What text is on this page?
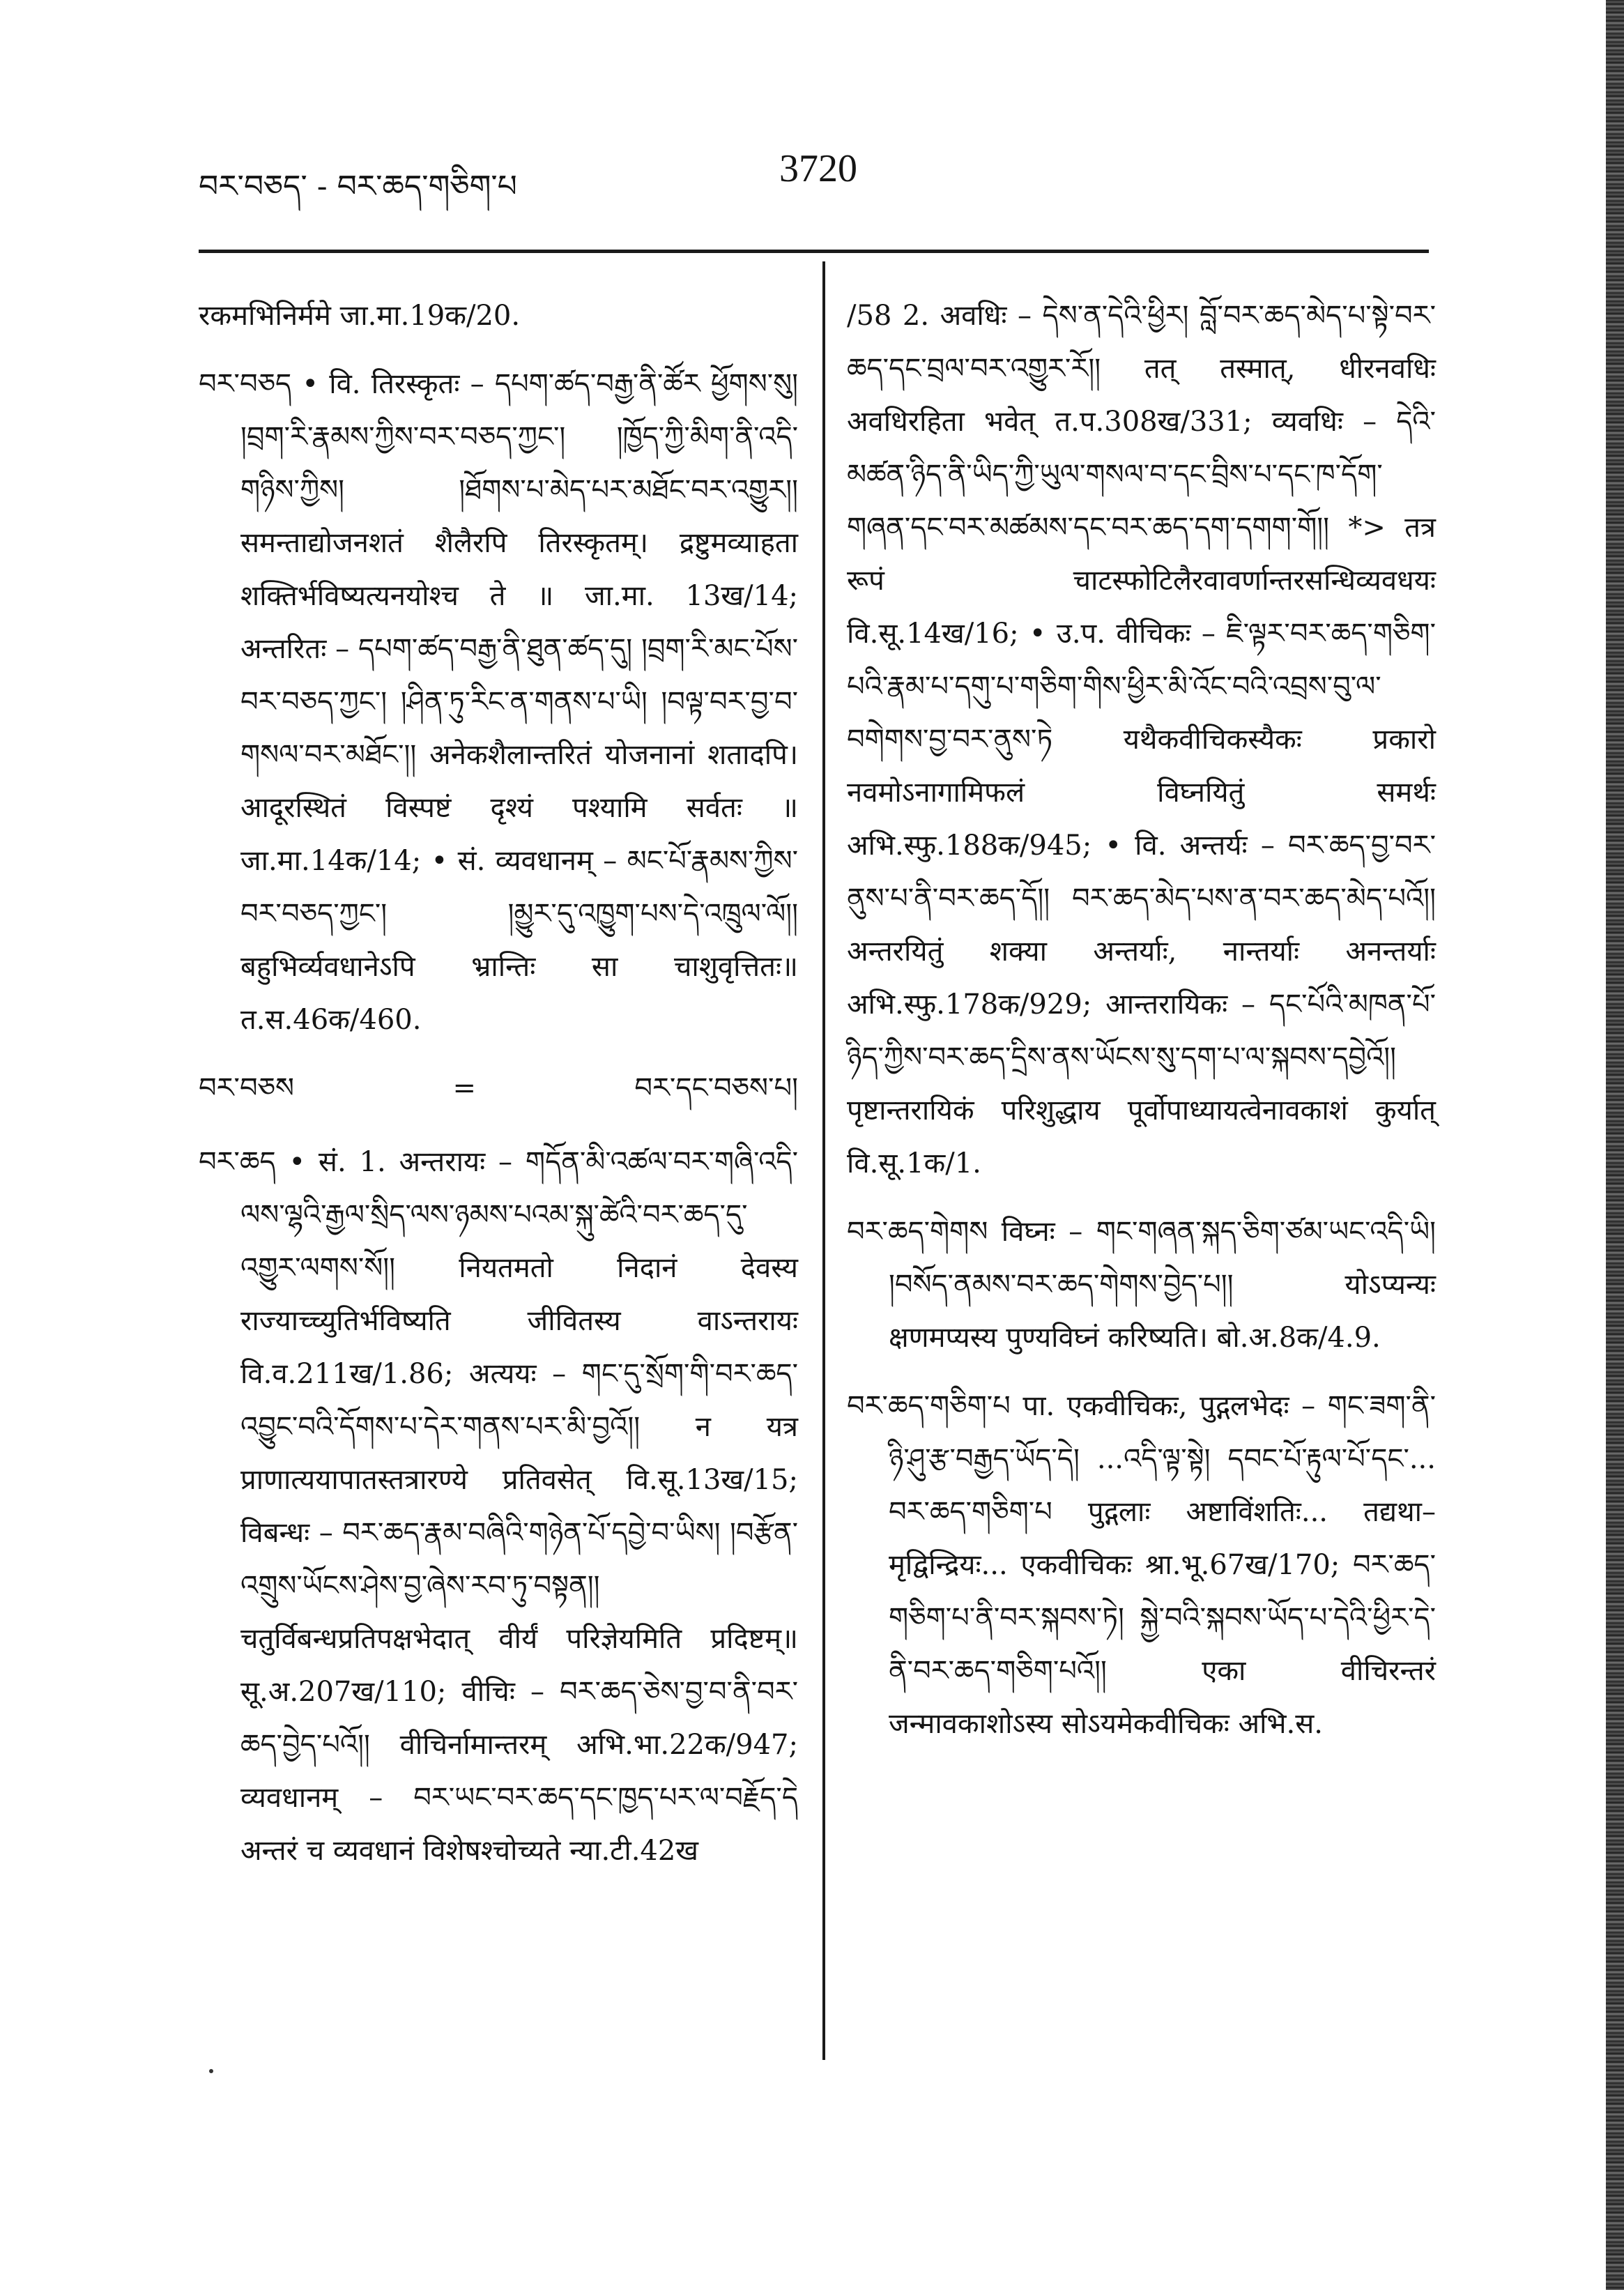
བར་བཅད་ - བར་ཆད་གཅིག་པ	3720

रकमभिनिर्ममे जा.मा.19क/20.

བར་བཅད • वि. तिरस्कृतः – དཔག་ཚད་བརྒྱ་ནི་ཚོར ཕྱོགས་སུ། །བྲག་རི་རྣམས་ཀྱིས་བར་བཅད་ཀྱང་། །ཁྱོད་ཀྱི་མིག་ནི་འདི་གཉིས་ཀྱིས། །ཐོགས་པ་མེད་པར་མཐོང་བར་འགྱུར།། समन्ताद्योजनशतं शैलैरपि तिरस्कृतम्। द्रष्टुमव्याहता शक्तिर्भविष्यत्यनयोश्च ते ॥ जा.मा. 13ख/14; अन्तरितः – དཔག་ཚད་བརྒྱ་ནི་ཐུན་ཚད་དུ། །བྲག་རི་མང་པོས་བར་བཅད་ཀྱང་། །ཤིན་ཏུ་རིང་ན་གནས་པ་ཡི། །བལྟ་བར་བྱ་བ་གསལ་བར་མཐོང་།། अनेकशैलान्तरितं योजनानां शतादपि। आदूरस्थितं विस्पष्टं दृश्यं पश्यामि सर्वतः ॥ जा.मा.14क/14; • सं. व्यवधानम् – མང་པོ་རྣམས་ཀྱིས་བར་བཅད་ཀྱང་། །མྱུར་དུ་འཁྱུག་པས་དེ་འཁྲུལ་ལོ།། बहुभिर्व्यवधानेऽपि भ्रान्तिः सा चाशुवृत्तितः॥ त.स.46क/460.

བར་བཅས	=	བར་དང་བཅས་པ།

བར་ཆད • सं. 1. अन्तरायः – གདོན་མི་འཚལ་བར་གཞི་འདི་ལས་ལྷའི་རྒྱལ་སྲིད་ལས་ཉམས་པའམ་སྐུ་ཚེའི་བར་ཆད་དུ་འགྱུར་ལགས་སོ།། नियतमतो निदानं देवस्य राज्याच्च्युतिर्भविष्यति जीवितस्य वाऽन्तरायः वि.व.211ख/1.86; अत्ययः – གང་དུ་སྲོག་གི་བར་ཆད་འབྱུང་བའི་དོགས་པ་དེར་གནས་པར་མི་བྱའོ།། न यत्र प्राणात्ययापातस्तत्रारण्ये प्रतिवसेत् वि.सू.13ख/15; विबन्धः – བར་ཆད་རྣམ་བཞིའི་གཉེན་པོ་དབྱེ་བ་ཡིས། །བརྩོན་འགྲུས་ཡོངས་ཤེས་བྱ་ཞེས་རབ་ཏུ་བསྟན།། चतुर्विबन्धप्रतिपक्षभेदात् वीर्यं परिज्ञेयमिति प्रदिष्टम्॥ सू.अ.207ख/110; वीचिः – བར་ཆད་ཅེས་བྱ་བ་ནི་བར་ཆད་བྱེད་པའོ།། वीचिर्नामान्तरम् अभि.भा.22क/947; व्यवधानम् – བར་ཡང་བར་ཆད་དང་ཁྱད་པར་ལ་བརྗོད་དེ अन्तरं च व्यवधानं विशेषश्चोच्यते न्या.टी.42ख

/58 2. अवधिः – དེས་ན་དེའི་ཕྱིར། བློ་བར་ཆད་མེད་པ་སྟེ་བར་ཆད་དང་བྲལ་བར་འགྱུར་རོ།། तत् तस्मात्, धीरनवधिः अवधिरहिता भवेत् त.प.308ख/331; व्यवधिः – དེའི་མཚན་ཉིད་ནི་ཡིད་ཀྱི་ཡུལ་གསལ་བ་དང་བྲིས་པ་དང་ཁ་དོག་གཞན་དང་བར་མཚམས་དང་བར་ཆད་དག་དགག་གོ།། *> तत्र रूपं चाटस्फोटिलैरवावर्णान्तरसन्धिव्यवधयः वि.सू.14ख/16; • उ.प. वीचिकः – ཇི་ལྟར་བར་ཆད་གཅིག་པའི་རྣམ་པ་དགུ་པ་གཅིག་གིས་ཕྱིར་མི་འོང་བའི་འབྲས་བུ་ལ་བགེགས་བྱ་བར་ནུས་ཏེ यथैकवीचिकस्यैकः प्रकारो नवमोऽनागामिफलं विघ्नयितुं समर्थः अभि.स्फु.188क/945; • वि. अन्तर्यः – བར་ཆད་བྱ་བར་ནུས་པ་ནི་བར་ཆད་དོ།། བར་ཆད་མེད་པས་ན་བར་ཆད་མེད་པའོ།། अन्तरयितुं शक्या अन्तर्याः, नान्तर्याः अनन्तर्याः अभि.स्फु.178क/929; आन्तरायिकः – དང་པོའི་མཁན་པོ་ཉིད་ཀྱིས་བར་ཆད་དྲིས་ནས་ཡོངས་སུ་དག་པ་ལ་སྐབས་དབྱེའོ།། पृष्टान्तरायिकं परिशुद्धाय पूर्वोपाध्यायत्वेनावकाशं कुर्यात् वि.सू.1क/1.

བར་ཆད་གེགས विघ्नः – གང་གཞན་སྐད་ཅིག་ཙམ་ཡང་འདི་ཡི། །བསོད་ནམས་བར་ཆད་གེགས་བྱེད་པ།། योऽप्यन्यः क्षणमप्यस्य पुण्यविघ्नं करिष्यति। बो.अ.8क/4.9.

བར་ཆད་གཅིག་པ पा. एकवीचिकः, पुद्गलभेदः – གང་ཟག་ནི་ཉི་ཤུ་རྩ་བརྒྱད་ཡོད་དེ། ...འདི་ལྟ་སྟེ། དབང་པོ་རྟུལ་པོ་དང་... བར་ཆད་གཅིག་པ पुद्गलाः अष्टाविंशतिः... तद्यथा–मृद्विन्द्रियः... एकवीचिकः श्रा.भू.67ख/170; བར་ཆད་གཅིག་པ་ནི་བར་སྐབས་ཏེ། སྐྱེ་བའི་སྐབས་ཡོད་པ་དེའི་ཕྱིར་དེ་ནི་བར་ཆད་གཅིག་པའོ།། एका वीचिरन्तरं जन्मावकाशोऽस्य सोऽयमेकवीचिकः अभि.स.
